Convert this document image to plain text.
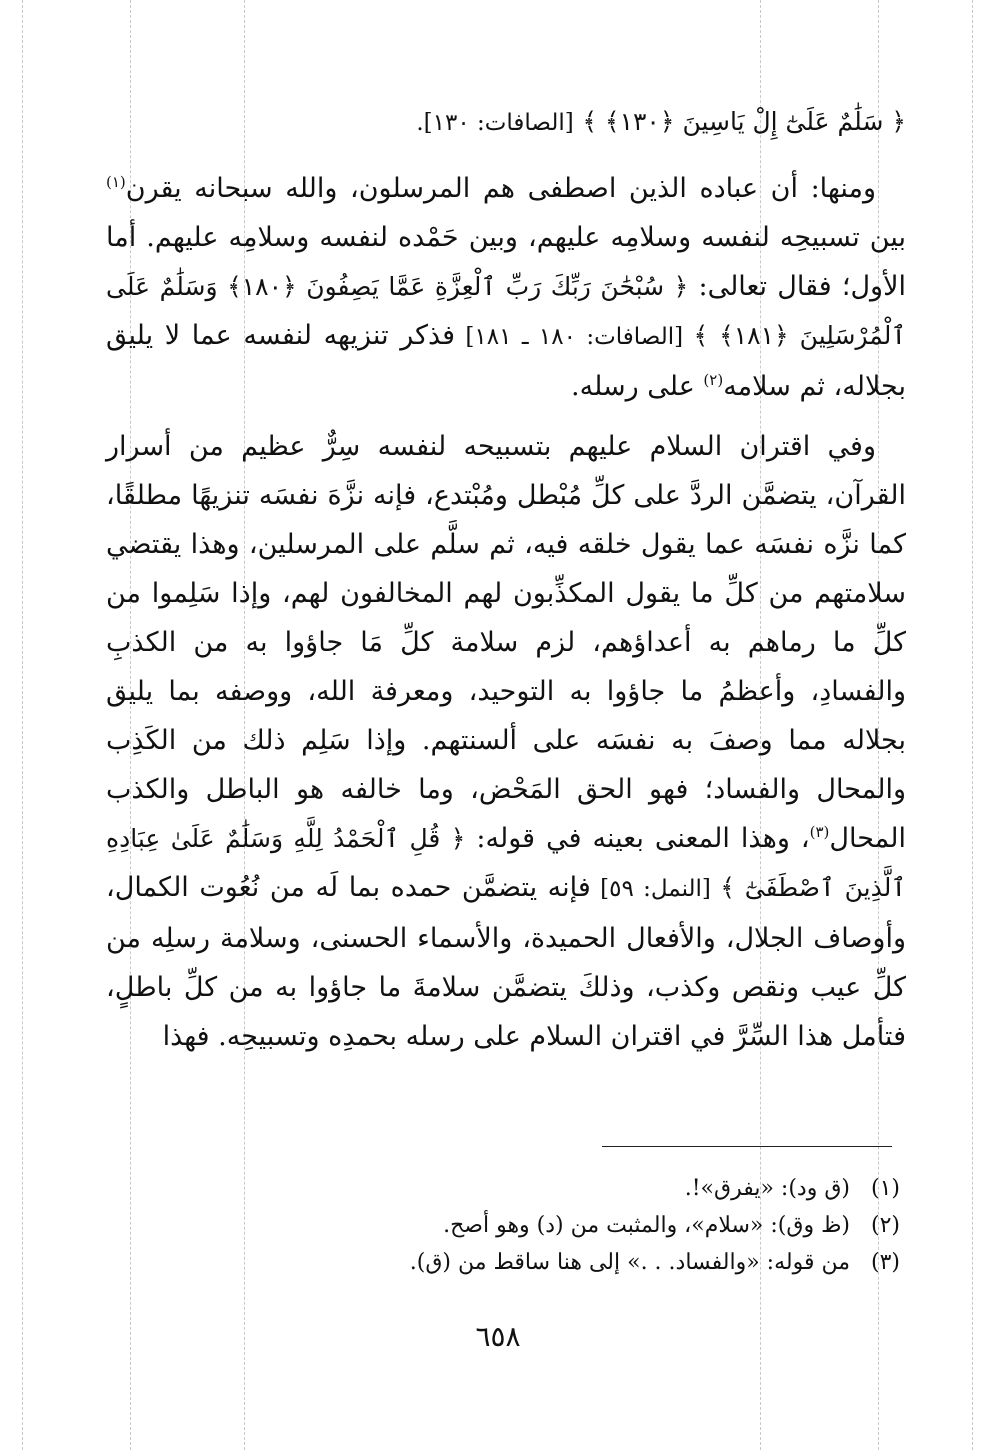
﴿ سَلَٰمٌ عَلَىٰٓ إِلْ يَاسِينَ ﴿١٣٠﴾ ﴾ [الصافات: ١٣٠].

ومنها: أن عباده الذين اصطفى هم المرسلون، والله سبحانه يقرن$^{(١)}$ بين تسبيحِه لنفسه وسلامِه عليهم، وبين حَمْده لنفسه وسلامِه عليهم. أما الأول؛ فقال تعالى: ﴿ سُبْحَٰنَ رَبِّكَ رَبِّ ٱلْعِزَّةِ عَمَّا يَصِفُونَ ﴿١٨٠﴾ وَسَلَٰمٌ عَلَى ٱلْمُرْسَلِينَ ﴿١٨١﴾ ﴾ [الصافات: ١٨٠ ـ ١٨١] فذكر تنزيهه لنفسه عما لا يليق بجلاله، ثم سلامه$^{(٢)}$ على رسله.

وفي اقتران السلام عليهم بتسبيحه لنفسه سِرٌّ عظيم من أسرار القرآن، يتضمَّن الردَّ على كلِّ مُبْطل ومُبْتدع، فإنه نزَّهَ نفسَه تنزيهًا مطلقًا، كما نزَّه نفسَه عما يقول خلقه فيه، ثم سلَّم على المرسلين، وهذا يقتضي سلامتهم من كلِّ ما يقول المكذِّبون لهم المخالفون لهم، وإذا سَلِموا من كلِّ ما رماهم به أعداؤهم، لزم سلامة كلِّ مَا جاؤوا به من الكذبِ والفسادِ، وأعظمُ ما جاؤوا به التوحيد، ومعرفة الله، ووصفه بما يليق بجلاله مما وصفَ به نفسَه على ألسنتهم. وإذا سَلِم ذلك من الكَذِب والمحال والفساد؛ فهو الحق المَحْض، وما خالفه هو الباطل والكذب المحال$^{(٣)}$، وهذا المعنى بعينه في قوله: ﴿ قُلِ ٱلْحَمْدُ لِلَّهِ وَسَلَٰمٌ عَلَىٰ عِبَادِهِ ٱلَّذِينَ ٱصْطَفَىٰٓ ﴾ [النمل: ٥٩] فإنه يتضمَّن حمده بما لَه من نُعُوت الكمال، وأوصاف الجلال، والأفعال الحميدة، والأسماء الحسنى، وسلامة رسلِه من كلِّ عيب ونقص وكذب، وذلكَ يتضمَّن سلامةَ ما جاؤوا به من كلِّ باطلٍ، فتأمل هذا السِّرَّ في اقتران السلام على رسله بحمدِه وتسبيحِه. فهذا

(١)
(ق ود): «يفرق»!.
(٢)
(ظ وق): «سلام»، والمثبت من (د) وهو أصح.
(٣)
من قوله: «والفساد. . .» إلى هنا ساقط من (ق).
٦٥٨
